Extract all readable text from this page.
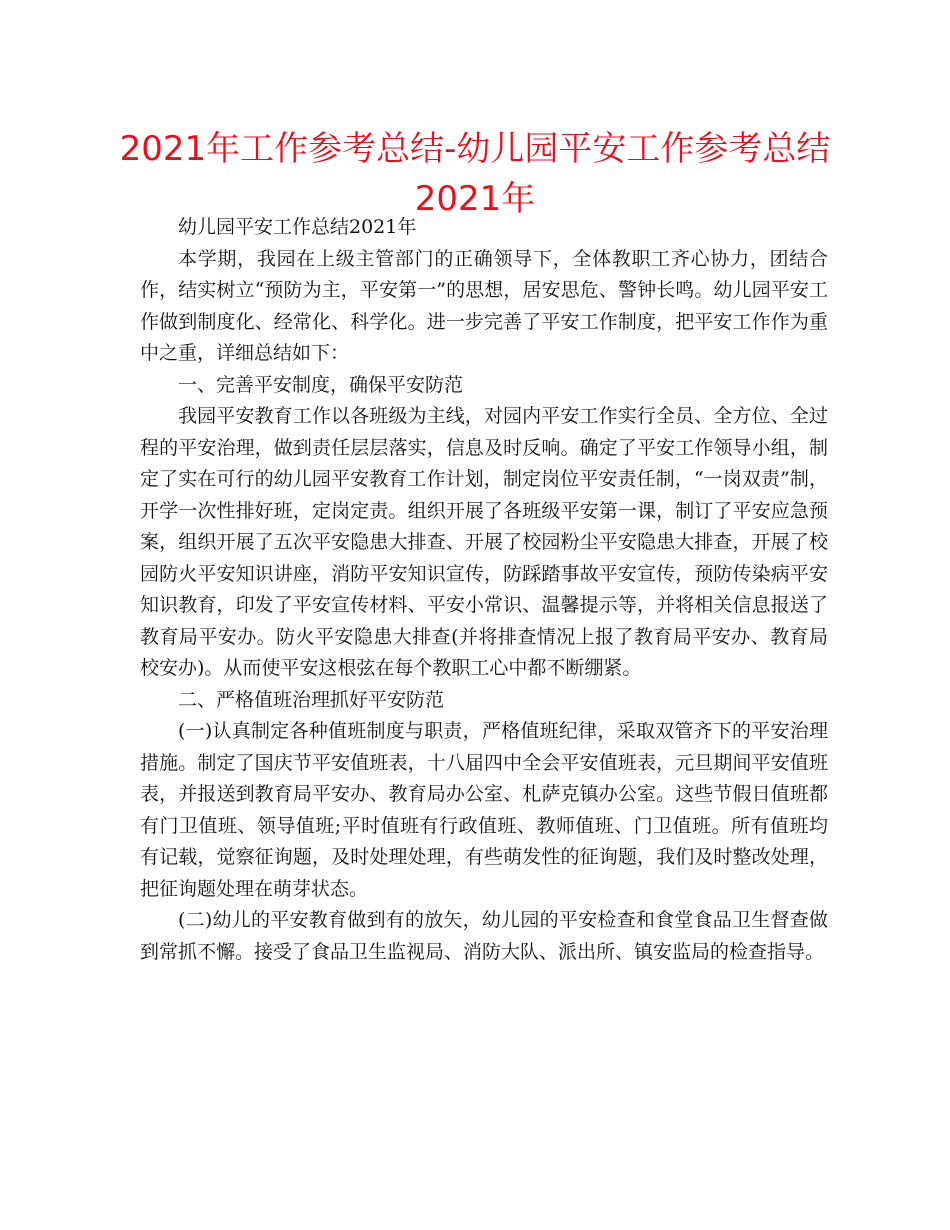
2021年工作参考总结-幼儿园平安工作参考总结2021年

幼儿园平安工作总结2021年

本学期，我园在上级主管部门的正确领导下，全体教职工齐心协力，团结合作，结实树立“预防为主，平安第一”的思想，居安思危、警钟长鸣。幼儿园平安工作做到制度化、经常化、科学化。进一步完善了平安工作制度，把平安工作作为重中之重，详细总结如下：

一、完善平安制度，确保平安防范

我园平安教育工作以各班级为主线，对园内平安工作实行全员、全方位、全过程的平安治理，做到责任层层落实，信息及时反响。确定了平安工作领导小组，制定了实在可行的幼儿园平安教育工作计划，制定岗位平安责任制，“一岗双责”制，开学一次性排好班，定岗定责。组织开展了各班级平安第一课，制订了平安应急预案，组织开展了五次平安隐患大排查、开展了校园粉尘平安隐患大排查，开展了校园防火平安知识讲座，消防平安知识宣传，防踩踏事故平安宣传，预防传染病平安知识教育，印发了平安宣传材料、平安小常识、温馨提示等，并将相关信息报送了教育局平安办。防火平安隐患大排查(并将排查情况上报了教育局平安办、教育局校安办)。从而使平安这根弦在每个教职工心中都不断绷紧。

二、严格值班治理抓好平安防范

(一)认真制定各种值班制度与职责，严格值班纪律，采取双管齐下的平安治理措施。制定了国庆节平安值班表，十八届四中全会平安值班表，元旦期间平安值班表，并报送到教育局平安办、教育局办公室、札萨克镇办公室。这些节假日值班都有门卫值班、领导值班;平时值班有行政值班、教师值班、门卫值班。所有值班均有记载，觉察征询题，及时处理处理，有些萌发性的征询题，我们及时整改处理，把征询题处理在萌芽状态。

(二)幼儿的平安教育做到有的放矢，幼儿园的平安检查和食堂食品卫生督查做到常抓不懈。接受了食品卫生监视局、消防大队、派出所、镇安监局的检查指导。
